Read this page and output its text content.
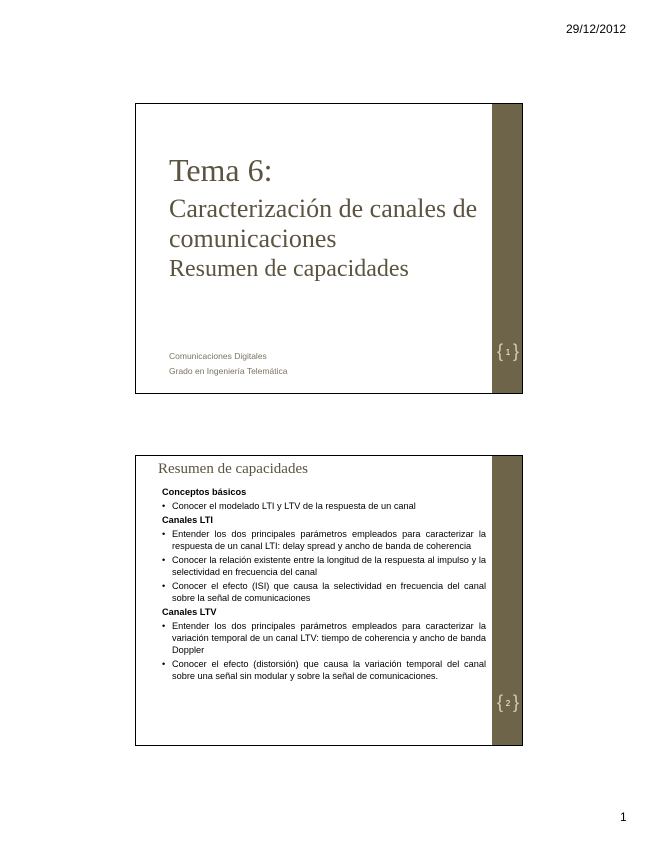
29/12/2012
Tema 6:
Caracterización de canales de comunicaciones
Resumen de capacidades
Comunicaciones Digitales
Grado en Ingeniería Telemática
{ 1 }
Resumen de capacidades
Conceptos básicos
• Conocer el modelado LTI y LTV de la respuesta de un canal
Canales LTI
• Entender los dos principales parámetros empleados para caracterizar la respuesta de un canal LTI: delay spread y ancho de banda de coherencia
• Conocer la relación existente entre la longitud de la respuesta al impulso y la selectividad en frecuencia del canal
• Conocer el efecto (ISI) que causa la selectividad en frecuencia del canal sobre la señal de comunicaciones
Canales LTV
• Entender los dos principales parámetros empleados para caracterizar la variación temporal de un canal LTV: tiempo de coherencia y ancho de banda Doppler
• Conocer el efecto (distorsión) que causa la variación temporal del canal sobre una señal sin modular y sobre la señal de comunicaciones.
{ 2 }
1
